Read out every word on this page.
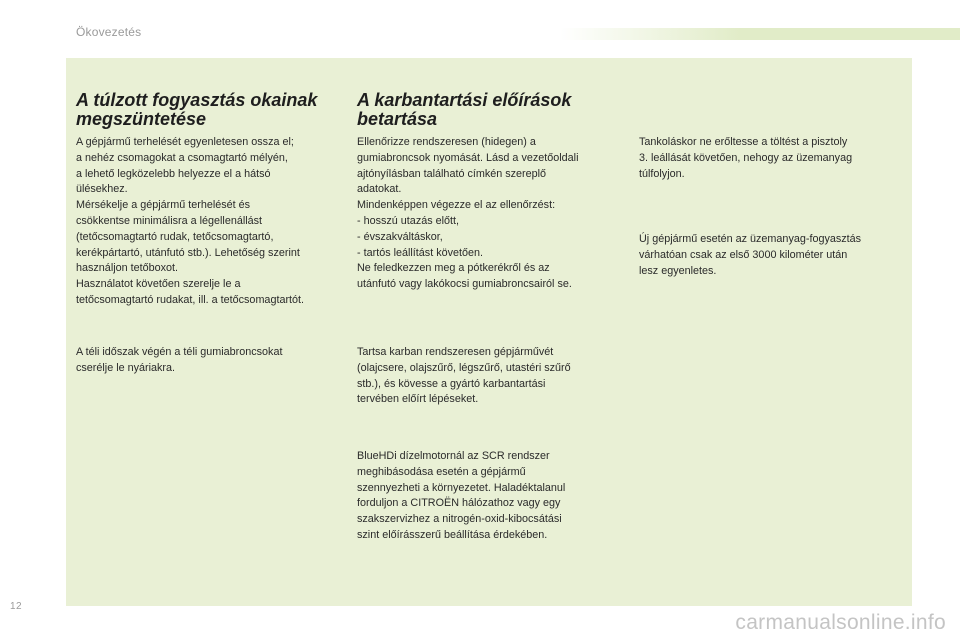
Ökovezetés
A túlzott fogyasztás okainak
megszüntetése

A gépjármű terhelését egyenletesen ossza el;
a nehéz csomagokat a csomagtartó mélyén,
a lehető legközelebb helyezze el a hátsó
ülésekhez.
Mérsékelje a gépjármű terhelését és
csökkentse minimálisra a légellenállást
(tetőcsomagtartó rudak, tetőcsomagtartó,
kerékpártartó, utánfutó stb.). Lehetőség szerint
használjon tetőboxot.
Használatot követően szerelje le a
tetőcsomagtartó rudakat, ill. a tetőcsomagtartót.

A téli időszak végén a téli gumiabroncsokat
cserélje le nyáriakra.

A karbantartási előírások
betartása

Ellenőrizze rendszeresen (hidegen) a
gumiabroncsok nyomását. Lásd a vezetőoldali
ajtónyílásban található címkén szereplő
adatokat.
Mindenképpen végezze el az ellenőrzést:
- hosszú utazás előtt,
- évszakváltáskor,
- tartós leállítást követően.
Ne feledkezzen meg a pótkerékről és az
utánfutó vagy lakókocsi gumiabroncsairól se.

Tartsa karban rendszeresen gépjárművét
(olajcsere, olajszűrő, légszűrő, utastéri szűrő
stb.), és kövesse a gyártó karbantartási
tervében előírt lépéseket.

BlueHDi dízelmotornál az SCR rendszer
meghibásodása esetén a gépjármű
szennyezheti a környezetet. Haladéktalanul
forduljon a CITROËN hálózathoz vagy egy
szakszervizhez a nitrogén-oxid-kibocsátási
szint előírásszerű beállítása érdekében.

Tankoláskor ne erőltesse a töltést a pisztoly
3. leállását követően, nehogy az üzemanyag
túlfolyjon.

Új gépjármű esetén az üzemanyag-fogyasztás
várhatóan csak az első 3000 kilométer után
lesz egyenletes.

12
carmanualsonline.info
